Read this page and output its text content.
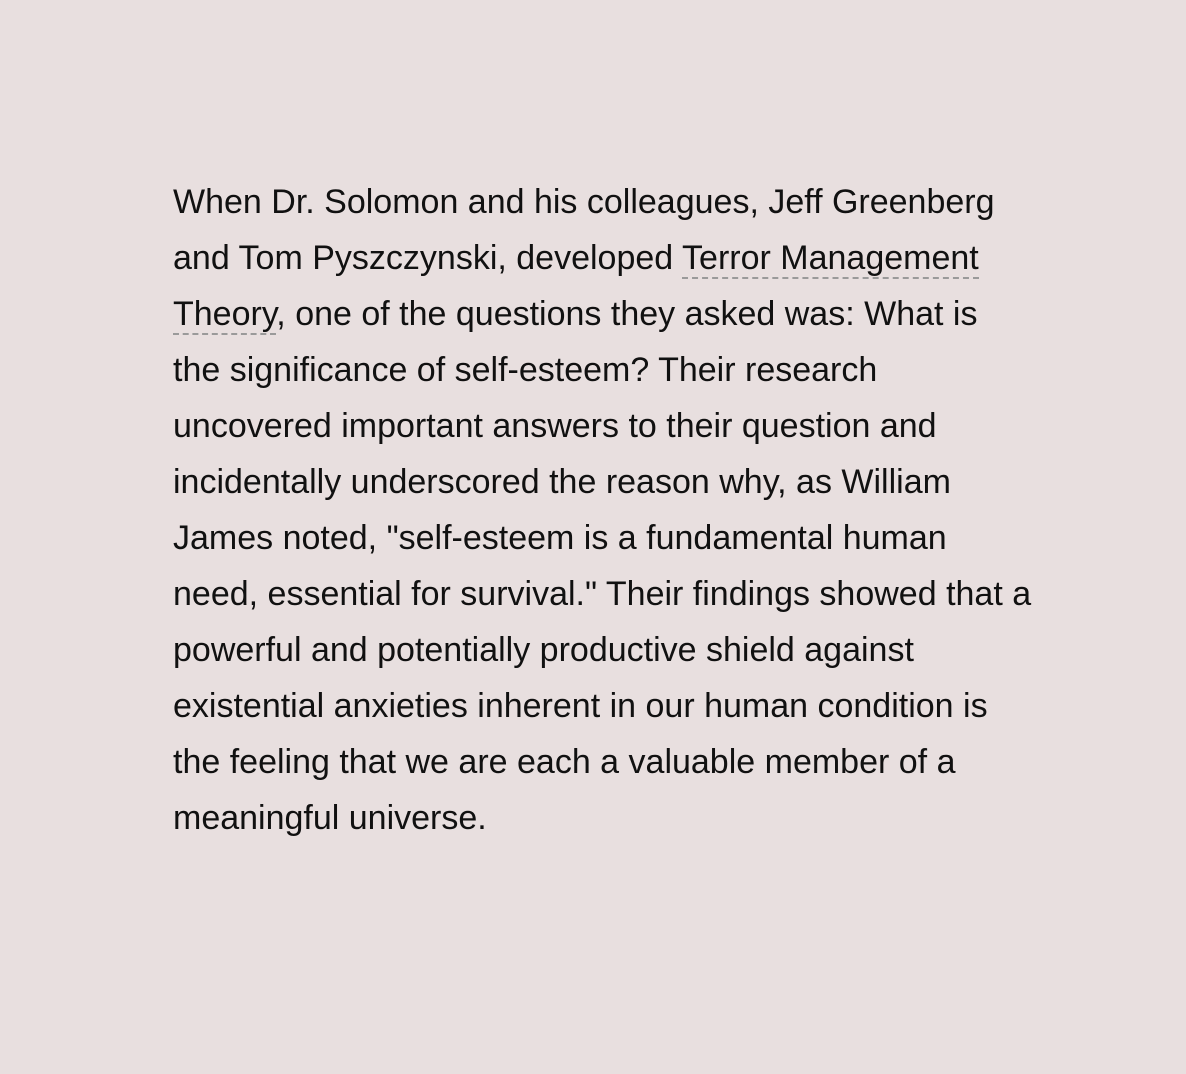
When Dr. Solomon and his colleagues, Jeff Greenberg and Tom Pyszczynski, developed Terror Management Theory, one of the questions they asked was: What is the significance of self-esteem? Their research uncovered important answers to their question and incidentally underscored the reason why, as William James noted, "self-esteem is a fundamental human need, essential for survival." Their findings showed that a powerful and potentially productive shield against existential anxieties inherent in our human condition is the feeling that we are each a valuable member of a meaningful universe.
